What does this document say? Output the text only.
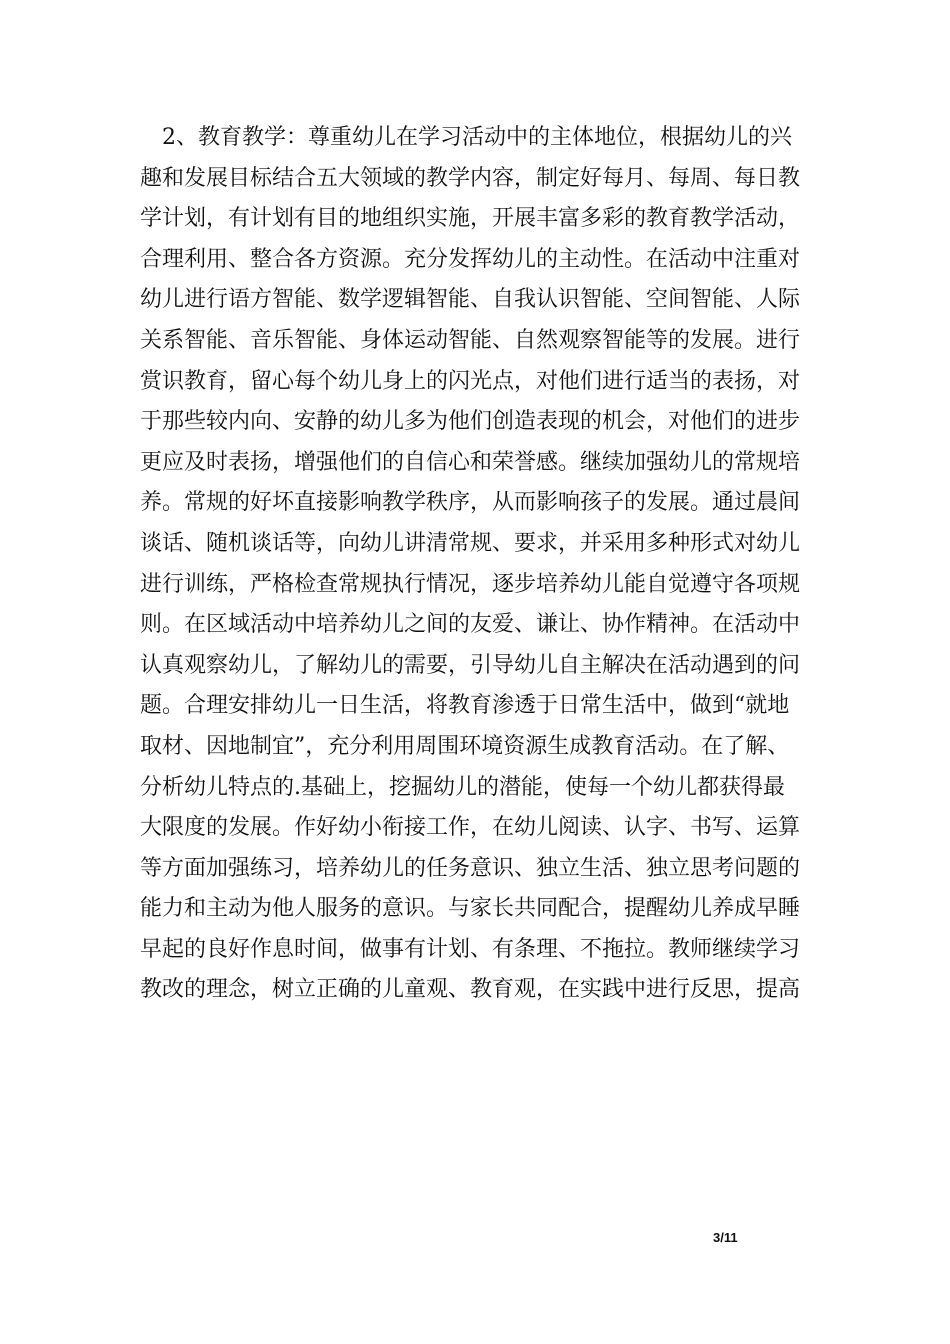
2、教育教学：尊重幼儿在学习活动中的主体地位，根据幼儿的兴
趣和发展目标结合五大领域的教学内容，制定好每月、每周、每日教
学计划，有计划有目的地组织实施，开展丰富多彩的教育教学活动，
合理利用、整合各方资源。充分发挥幼儿的主动性。在活动中注重对
幼儿进行语方智能、数学逻辑智能、自我认识智能、空间智能、人际
关系智能、音乐智能、身体运动智能、自然观察智能等的发展。进行
赏识教育，留心每个幼儿身上的闪光点，对他们进行适当的表扬，对
于那些较内向、安静的幼儿多为他们创造表现的机会，对他们的进步
更应及时表扬，增强他们的自信心和荣誉感。继续加强幼儿的常规培
养。常规的好坏直接影响教学秩序，从而影响孩子的发展。通过晨间
谈话、随机谈话等，向幼儿讲清常规、要求，并采用多种形式对幼儿
进行训练，严格检查常规执行情况，逐步培养幼儿能自觉遵守各项规
则。在区域活动中培养幼儿之间的友爱、谦让、协作精神。在活动中
认真观察幼儿，了解幼儿的需要，引导幼儿自主解决在活动遇到的问
题。合理安排幼儿一日生活，将教育渗透于日常生活中，做到“就地
取材、因地制宜”，充分利用周围环境资源生成教育活动。在了解、
分析幼儿特点的.基础上，挖掘幼儿的潜能，使每一个幼儿都获得最
大限度的发展。作好幼小衔接工作，在幼儿阅读、认字、书写、运算
等方面加强练习，培养幼儿的任务意识、独立生活、独立思考问题的
能力和主动为他人服务的意识。与家长共同配合，提醒幼儿养成早睡
早起的良好作息时间，做事有计划、有条理、不拖拉。教师继续学习
教改的理念，树立正确的儿童观、教育观，在实践中进行反思，提高
3/11
